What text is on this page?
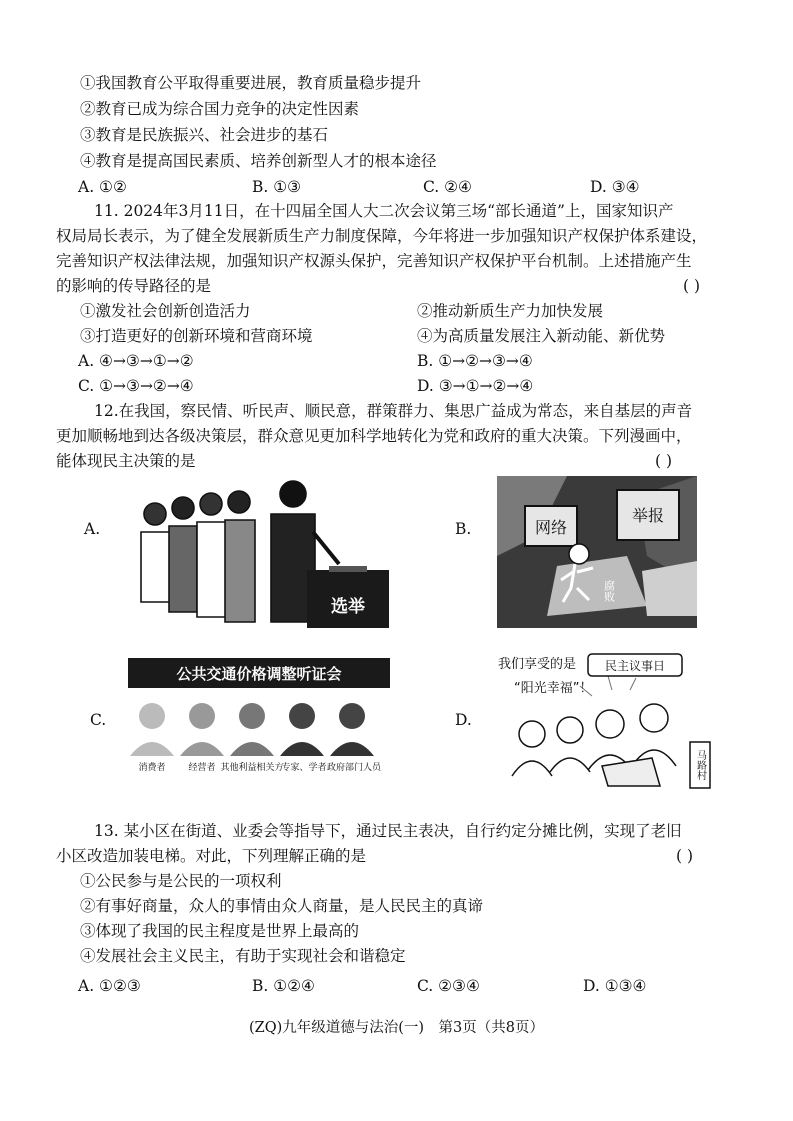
①我国教育公平取得重要进展，教育质量稳步提升
②教育已成为综合国力竞争的决定性因素
③教育是民族振兴、社会进步的基石
④教育是提高国民素质、培养创新型人才的根本途径
A. ①②	B. ①③	C. ②④	D. ③④
11. 2024年3月11日，在十四届全国人大二次会议第三场“部长通道”上，国家知识产
权局局长表示，为了健全发展新质生产力制度保障，今年将进一步加强知识产权保护体系建设，
完善知识产权法律法规，加强知识产权源头保护，完善知识产权保护平台机制。上述措施产生
的影响的传导路径的是	( )
①激发社会创新创造活力	②推动新质生产力加快发展
③打造更好的创新环境和营商环境	④为高质量发展注入新动能、新优势
A. ④→③→①→②	B. ①→②→③→④
C. ①→③→②→④	D. ③→①→②→④
12.在我国，察民情、听民声、顺民意，群策群力、集思广益成为常态，来自基层的声音
更加顺畅地到达各级决策层，群众意见更加科学地转化为党和政府的重大决策。下列漫画中，
能体现民主决策的是	( )
A.	B.
C.	D.
选举
网络
举报
腐败
公共交通价格调整听证会
消费者	经营者 其他利益相关方
专家、学者 政府部门人员
我们享受的是 民主议事日
“阳光幸福”！
马路村
13. 某小区在街道、业委会等指导下，通过民主表决，自行约定分摊比例，实现了老旧
小区改造加装电梯。对此，下列理解正确的是	( )
①公民参与是公民的一项权利
②有事好商量，众人的事情由众人商量，是人民民主的真谛
③体现了我国的民主程度是世界上最高的
④发展社会主义民主，有助于实现社会和谐稳定
A. ①②③	B. ①②④	C. ②③④	D. ①③④
(ZQ)九年级道德与法治(一)　第3页（共8页）
